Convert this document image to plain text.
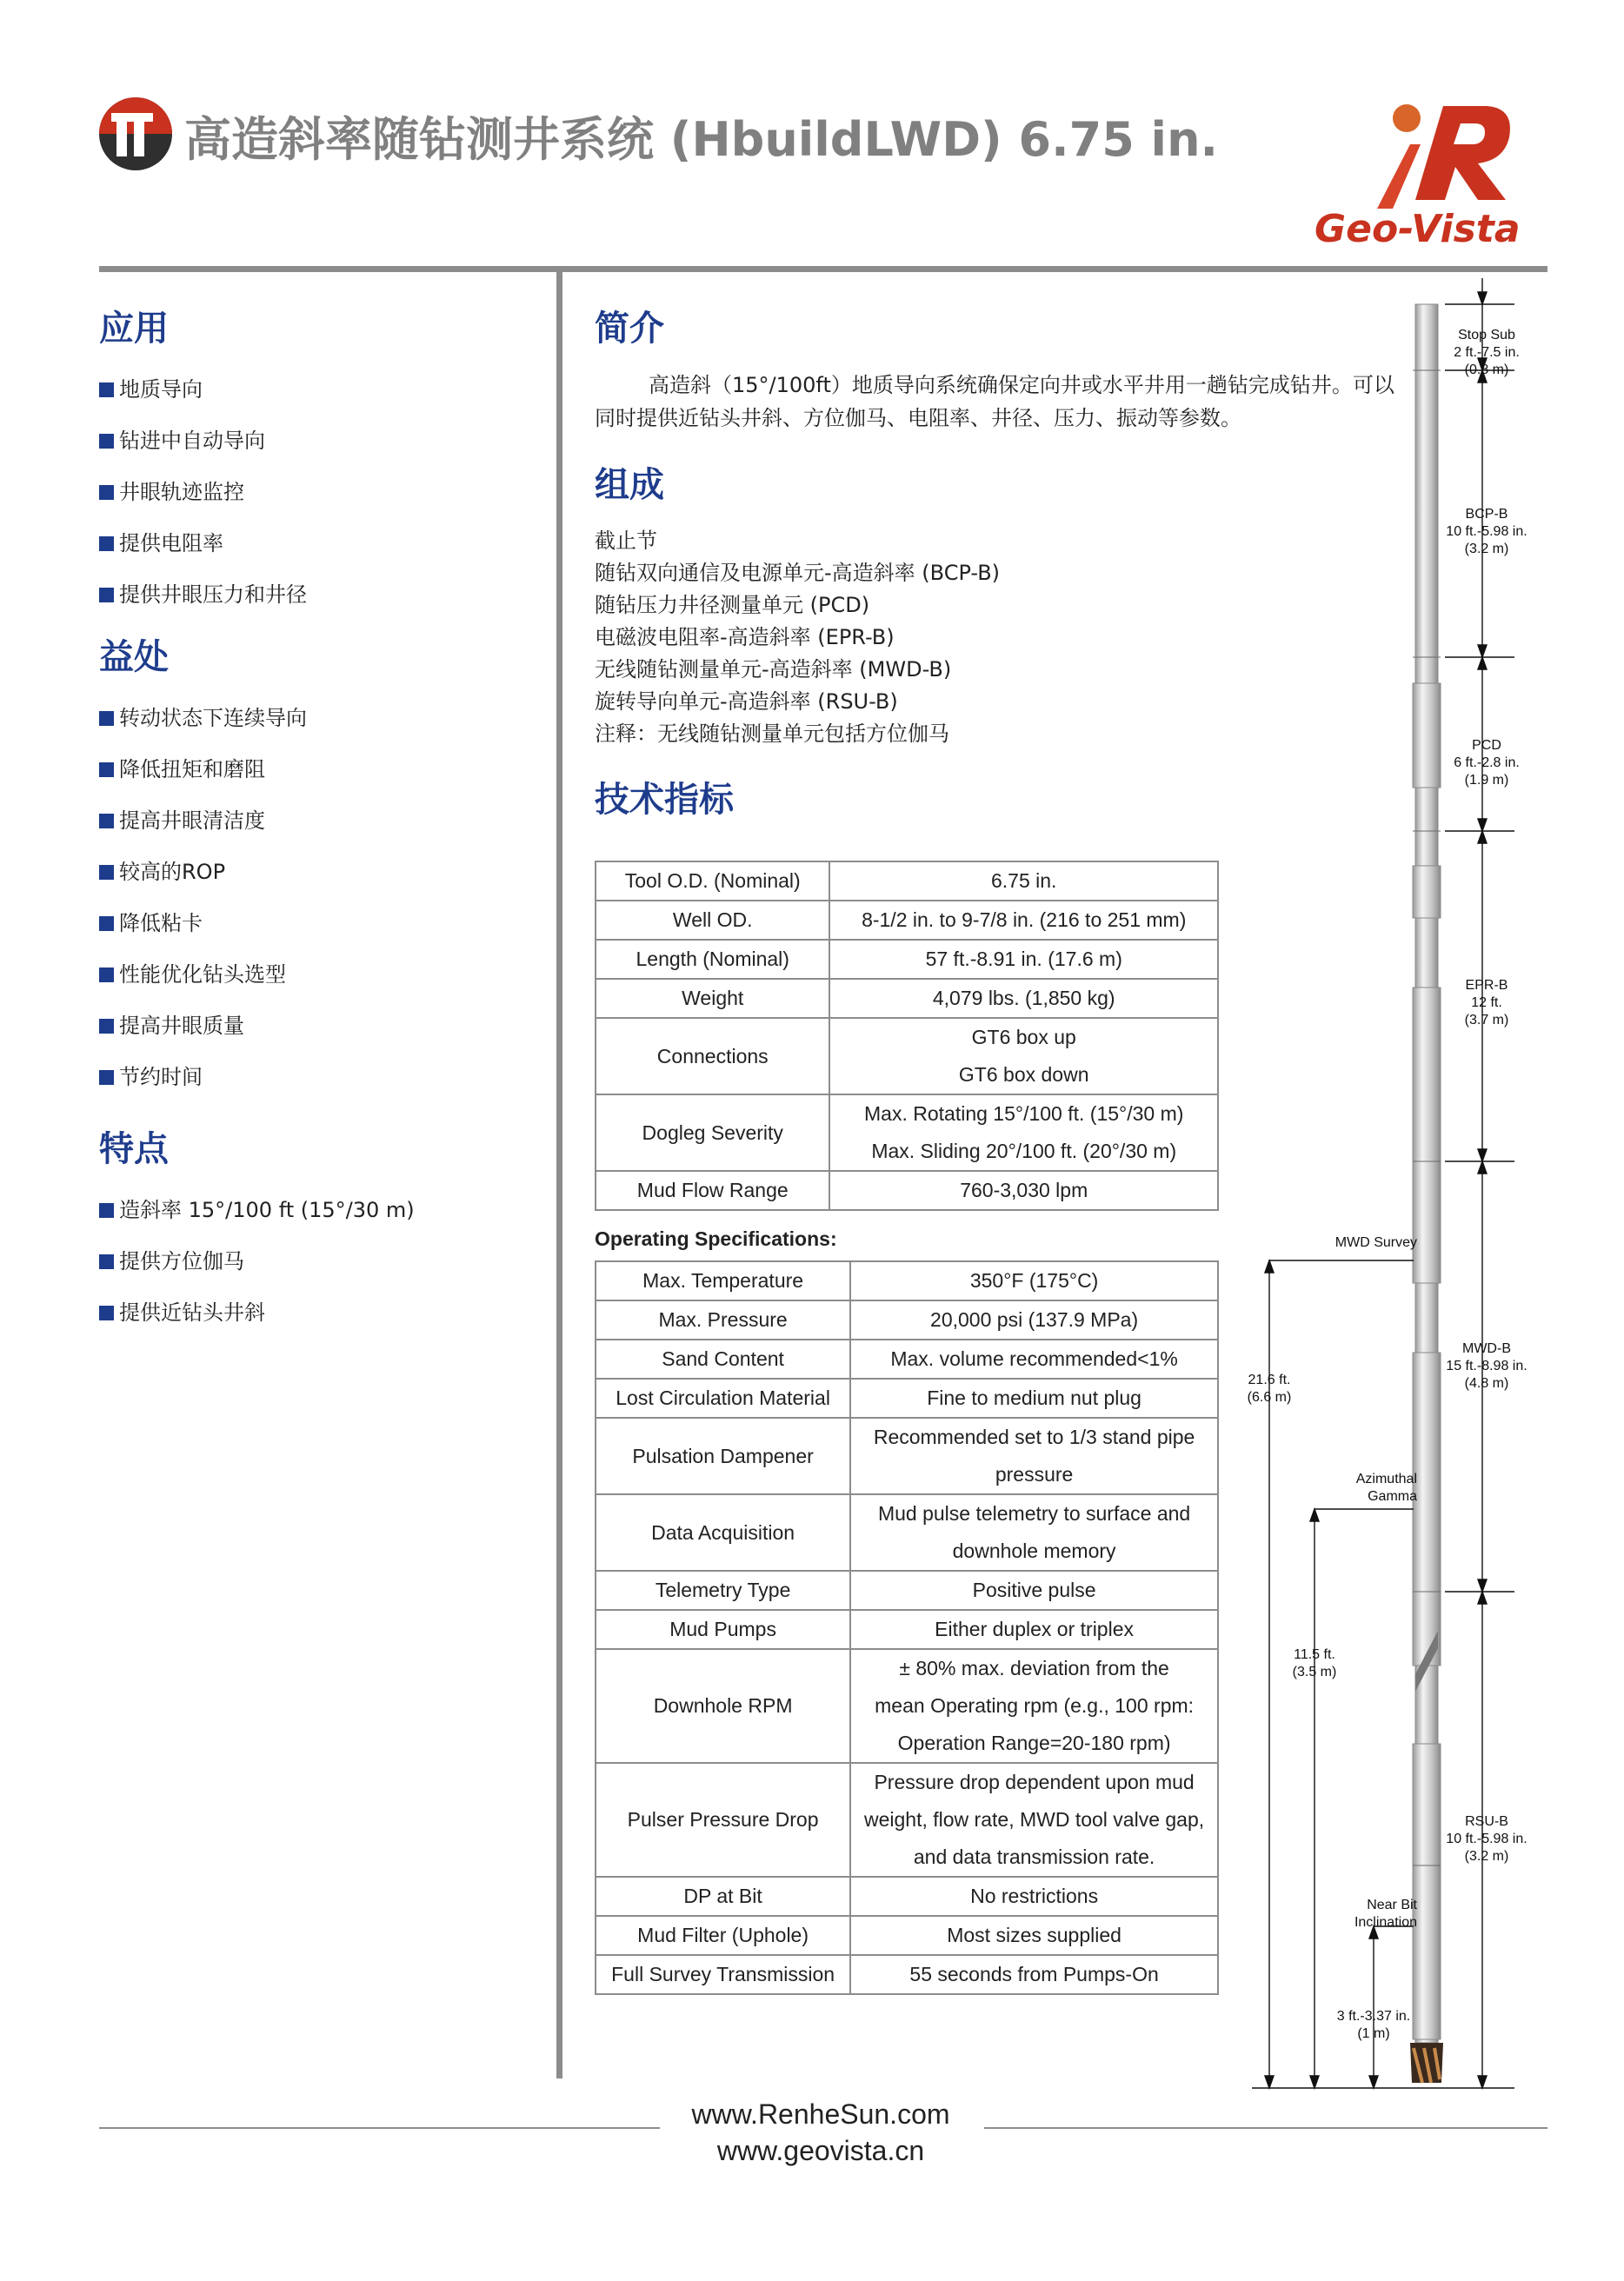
高造斜率随钻测井系统 (HbuildLWD) 6.75 in.
Geo-Vista
应用
地质导向
钻进中自动导向
井眼轨迹监控
提供电阻率
提供井眼压力和井径
益处
转动状态下连续导向
降低扭矩和磨阻
提高井眼清洁度
较高的ROP
降低粘卡
性能优化钻头选型
提高井眼质量
节约时间
特点
造斜率 15°/100 ft (15°/30 m)
提供方位伽马
提供近钻头井斜
简介
高造斜（15°/100ft）地质导向系统确保定向井或水平井用一趟钻完成钻井。可以同时提供近钻头井斜、方位伽马、电阻率、井径、压力、振动等参数。
组成
截止节
随钻双向通信及电源单元-高造斜率 (BCP-B)
随钻压力井径测量单元 (PCD)
电磁波电阻率-高造斜率 (EPR-B)
无线随钻测量单元-高造斜率 (MWD-B)
旋转导向单元-高造斜率 (RSU-B)
注释：无线随钻测量单元包括方位伽马
技术指标
Tool O.D. (Nominal)	6.75 in.

Well OD.	8-1/2 in. to 9-7/8 in. (216 to 251 mm)

Length (Nominal)	57 ft.-8.91 in. (17.6 m)

Weight	4,079 lbs. (1,850 kg)

Connections	GT6 box up
GT6 box down

Dogleg Severity	Max. Rotating 15°/100 ft. (15°/30 m)
Max. Sliding 20°/100 ft. (20°/30 m)

Mud Flow Range	760-3,030 lpm
Operating Specifications:
Max. Temperature	350°F (175°C)

Max. Pressure	20,000 psi (137.9 MPa)

Sand Content	Max. volume recommended<1%

Lost Circulation Material	Fine to medium nut plug

Pulsation Dampener	Recommended set to 1/3 stand pipe
pressure

Data Acquisition	Mud pulse telemetry to surface and
downhole memory

Telemetry Type	Positive pulse

Mud Pumps	Either duplex or triplex

Downhole RPM	± 80% max. deviation from the
mean Operating rpm (e.g., 100 rpm:
Operation Range=20-180 rpm)

Pulser Pressure Drop	Pressure drop dependent upon mud
weight, flow rate, MWD tool valve gap,
and data transmission rate.

DP at Bit	No restrictions

Mud Filter (Uphole)	Most sizes supplied

Full Survey Transmission	55 seconds from Pumps-On

Stop Sub
2 ft.-7.5 in.
(0.8 m)

BCP-B
10 ft.-5.98 in.
(3.2 m)

PCD
6 ft.-2.8 in.
(1.9 m)

EPR-B
12 ft.
(3.7 m)

MWD-B
15 ft.-8.98 in.
(4.8 m)

RSU-B
10 ft.-5.98 in.
(3.2 m)

MWD Survey

21.6 ft.
(6.6 m)

Azimuthal
Gamma

11.5 ft.
(3.5 m)

Near Bit
Inclination

3 ft.-3.37 in.
(1 m)

www.RenheSun.com
www.geovista.cn
